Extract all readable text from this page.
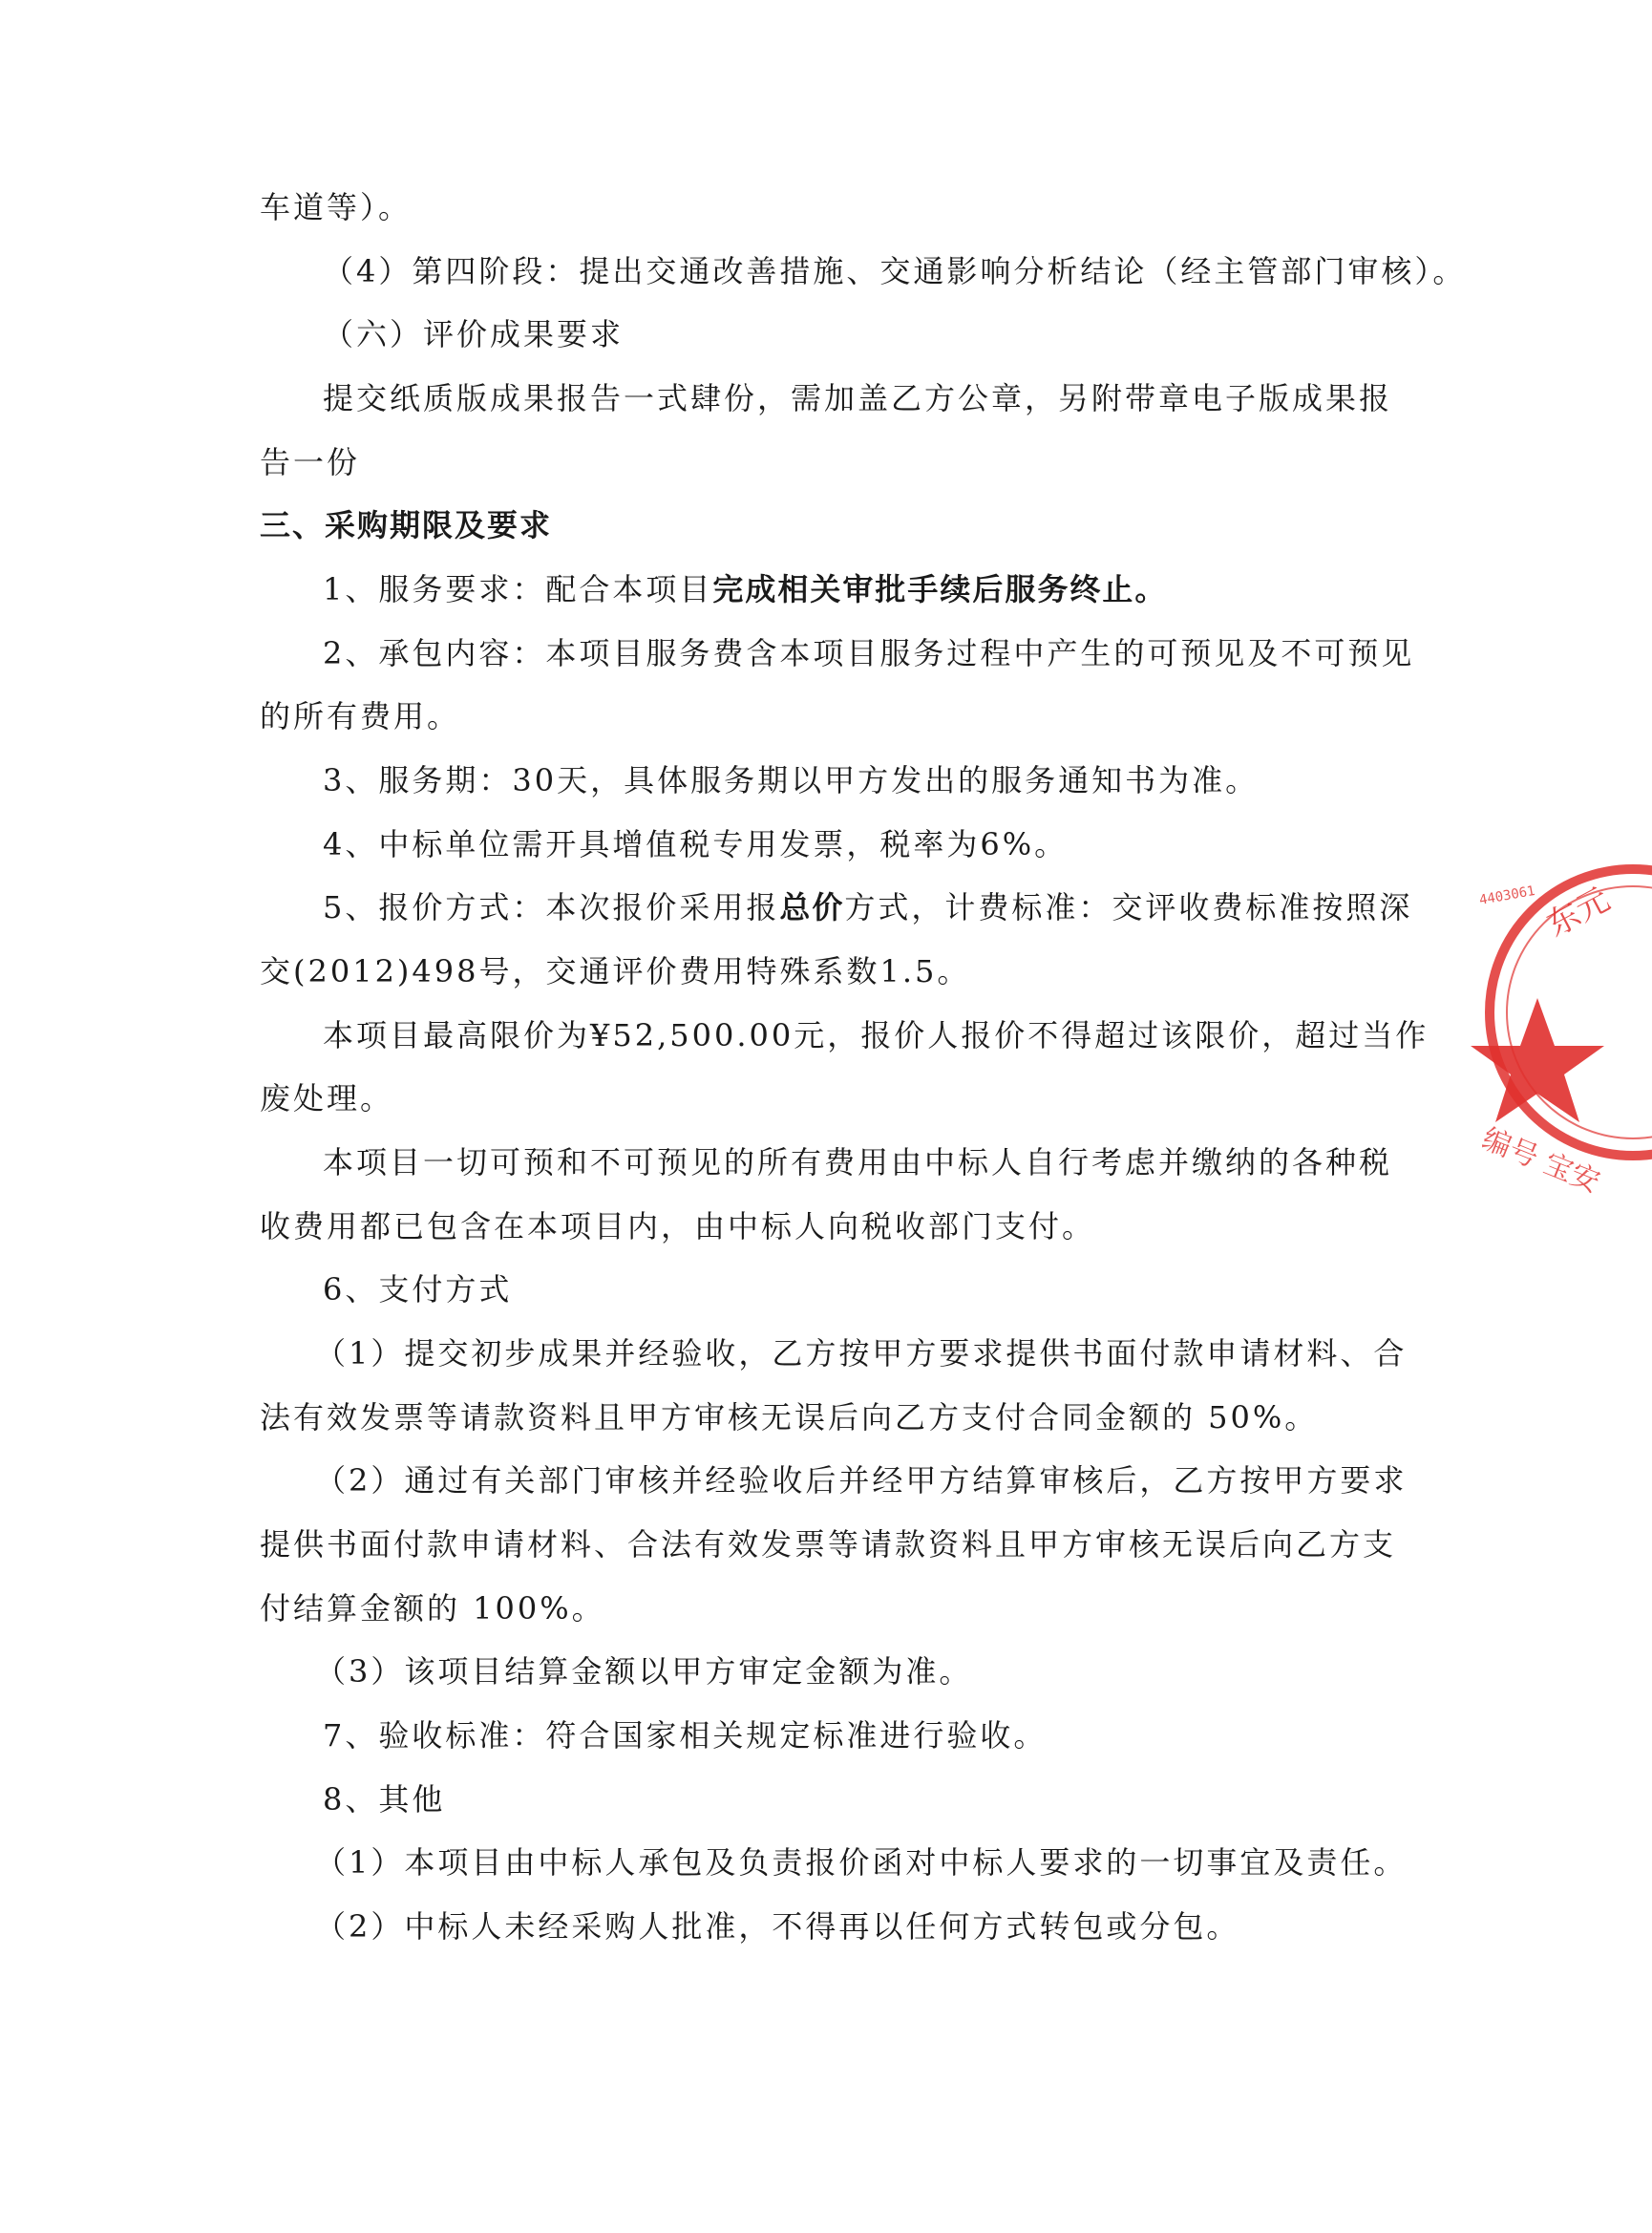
车道等）。
（4）第四阶段：提出交通改善措施、交通影响分析结论（经主管部门审核）。
（六）评价成果要求
提交纸质版成果报告一式肆份，需加盖乙方公章，另附带章电子版成果报
告一份
三、采购期限及要求
1、服务要求：配合本项目完成相关审批手续后服务终止。
2、承包内容：本项目服务费含本项目服务过程中产生的可预见及不可预见
的所有费用。
3、服务期：30天，具体服务期以甲方发出的服务通知书为准。
4、中标单位需开具增值税专用发票，税率为6%。
5、报价方式：本次报价采用报总价方式，计费标准：交评收费标准按照深
交(2012)498号，交通评价费用特殊系数1.5。
本项目最高限价为¥52,500.00元，报价人报价不得超过该限价，超过当作
废处理。
本项目一切可预和不可预见的所有费用由中标人自行考虑并缴纳的各种税
收费用都已包含在本项目内，由中标人向税收部门支付。
6、支付方式
（1）提交初步成果并经验收，乙方按甲方要求提供书面付款申请材料、合
法有效发票等请款资料且甲方审核无误后向乙方支付合同金额的 50%。
（2）通过有关部门审核并经验收后并经甲方结算审核后，乙方按甲方要求
提供书面付款申请材料、合法有效发票等请款资料且甲方审核无误后向乙方支
付结算金额的 100%。
（3）该项目结算金额以甲方审定金额为准。
7、验收标准：符合国家相关规定标准进行验收。
8、其他
（1）本项目由中标人承包及负责报价函对中标人要求的一切事宜及责任。
（2）中标人未经采购人批准，不得再以任何方式转包或分包。
东元
4403061
编号 宝安
